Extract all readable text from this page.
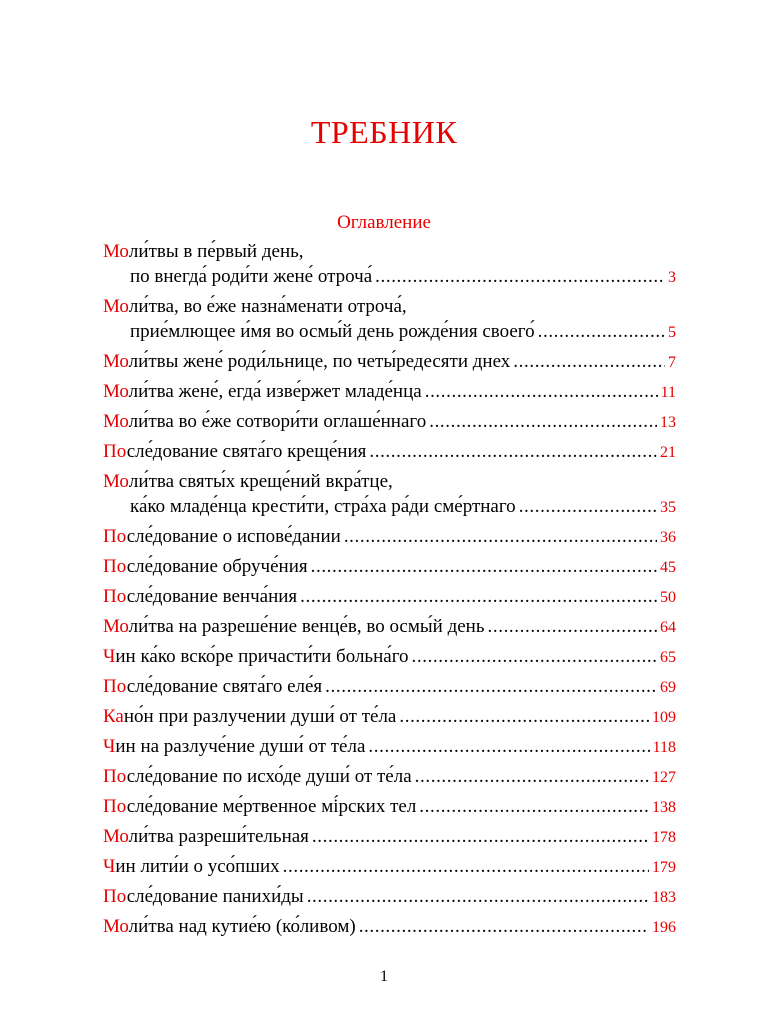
ТРЕБНИК
Оглавление
Мо ли́твы в пе́рвый день,
по внегда́ роди́ти жене́ отроча́ .....	3
Мо ли́тва, во е́же назна́менати отроча́,
прие́млющее и́мя во осмы́й день рожде́ния своего́ .....	5
Моли́твы жене́ роди́льнице, по четы́редесяти днех .....	7
Моли́тва жене́, егда́ изве́ржет младе́нца .....	11
Моли́тва во е́же сотвори́ти оглаше́ннаго .....	13
После́дование свята́го креще́ния .....	21
Мо ли́тва святы́х креще́ний вкра́тце,
ка́ко младе́нца крести́ти, стра́ха ра́ди сме́ртнаго .....	35
После́дование о испове́дании .....	36
После́дование обруче́ния .....	45
После́дование венча́ния .....	50
Моли́тва на разреше́ние венце́в, во осмы́й день .....	64
Чин ка́ко вско́ре причасти́ти больна́го .....	65
После́дование свята́го еле́я .....	69
Кано́н при разлучении души́ от те́ла .....	109
Чин на разлуче́ние души́ от те́ла .....	118
После́дование по исхо́де души́ от те́ла .....	127
После́дование ме́ртвенное мі́рских тел .....	138
Моли́тва разреши́тельная .....	178
Чин лити́и о усо́пших .....	179
После́дование панихи́ды .....	183
Моли́тва над кутие́ю (ко́ливом) .....	196
1
